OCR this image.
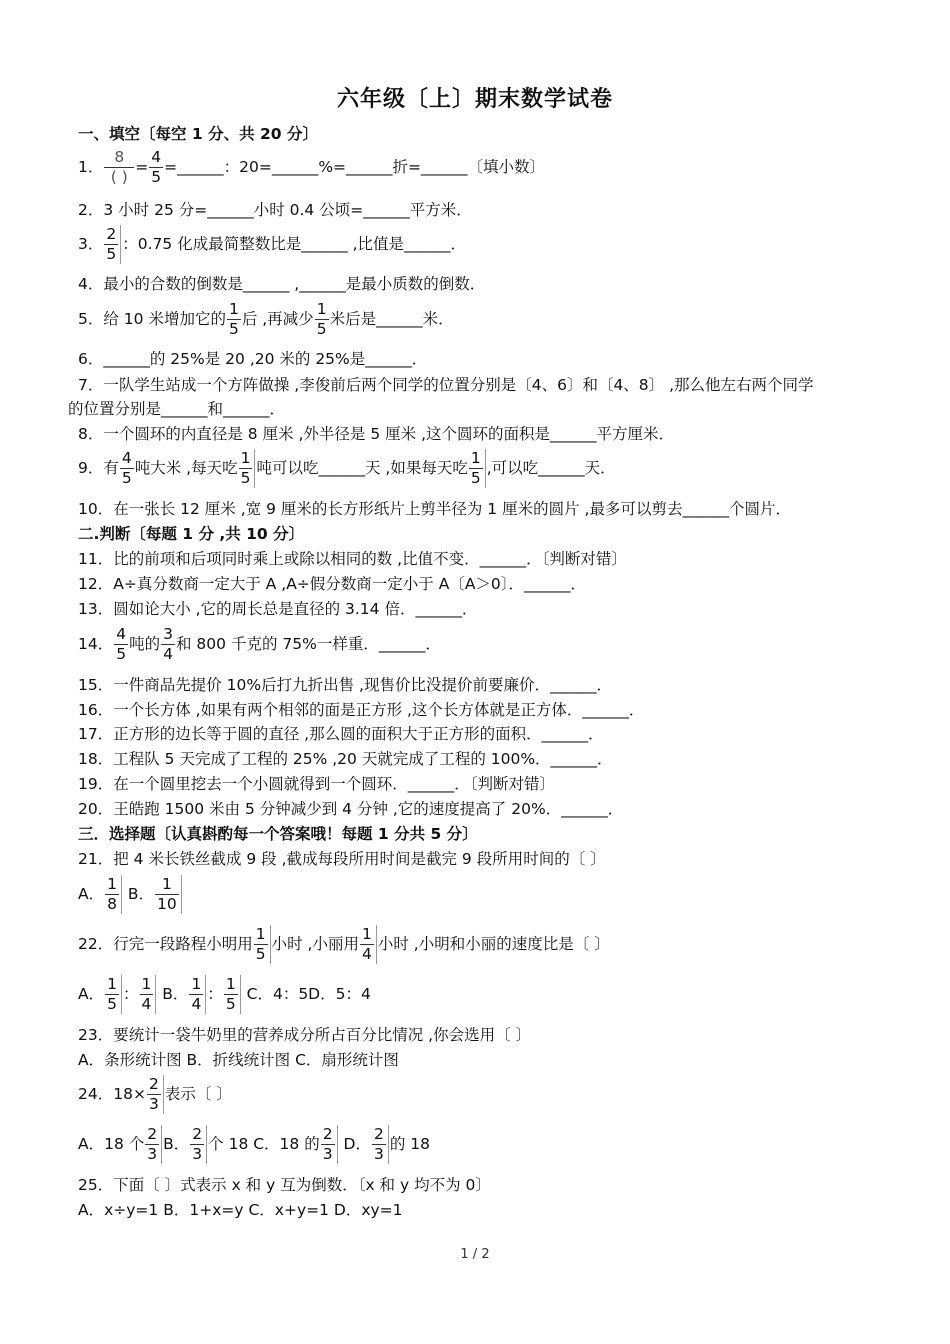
六年级〔上〕期末数学试卷
一、填空〔每空 1 分、共 20 分〕
1． $\frac{8}{( )} = \frac{4}{5}$ =______：20=______%=______折=______〔填小数〕
2．3 小时 25 分=______小时 0.4 公顷=______平方米．
3． $\frac{2}{5}$ ：0.75 化成最简整数比是______ ,比值是______．
4．最小的合数的倒数是______ ,______是最小质数的倒数．
5．给 10 米增加它的 $\frac{1}{5}$ 后 ,再减少 $\frac{1}{5}$ 米后是______米．
6．______的 25%是 20 ,20 米的 25%是______．
7．一队学生站成一个方阵做操 ,李俊前后两个同学的位置分别是〔4、6〕和〔4、8〕 ,那么他左右两个同学
的位置分别是______和______．
8．一个圆环的内直径是 8 厘米 ,外半径是 5 厘米 ,这个圆环的面积是______平方厘米．
9．有 $\frac{4}{5}$ 吨大米 ,每天吃 $\frac{1}{5}$ 吨可以吃______天 ,如果每天吃 $\frac{1}{5}$ ,可以吃______天．
10．在一张长 12 厘米 ,宽 9 厘米的长方形纸片上剪半径为 1 厘米的圆片 ,最多可以剪去______个圆片．
二.判断〔每题 1 分 ,共 10 分〕
11．比的前项和后项同时乘上或除以相同的数 ,比值不变．______．〔判断对错〕
12．A÷真分数商一定大于 A ,A÷假分数商一定小于 A〔A＞0〕．______．
13．圆如论大小 ,它的周长总是直径的 3.14 倍．______．
14． $\frac{4}{5}$ 吨的 $\frac{3}{4}$ 和 800 千克的 75%一样重．______．
15．一件商品先提价 10%后打九折出售 ,现售价比没提价前要廉价．______．
16．一个长方体 ,如果有两个相邻的面是正方形 ,这个长方体就是正方体．______．
17．正方形的边长等于圆的直径 ,那么圆的面积大于正方形的面积．______．
18．工程队 5 天完成了工程的 25% ,20 天就完成了工程的 100%．______．
19．在一个圆里挖去一个小圆就得到一个圆环．______．〔判断对错〕
20．王皓跑 1500 米由 5 分钟减少到 4 分钟 ,它的速度提高了 20%．______．
三．选择题〔认真斟酌每一个答案哦！每题 1 分共 5 分〕
21．把 4 米长铁丝截成 9 段 ,截成每段所用时间是截完 9 段所用时间的〔 〕
A． $\frac{1}{8}$ B． $\frac{1}{10}$
22．行完一段路程小明用 $\frac{1}{5}$ 小时 ,小丽用 $\frac{1}{4}$ 小时 ,小明和小丽的速度比是〔 〕
A． $\frac{1}{5}$ ： $\frac{1}{4}$ B． $\frac{1}{4}$ ： $\frac{1}{5}$ C．4：5D．5：4
23．要统计一袋牛奶里的营养成分所占百分比情况 ,你会选用〔 〕
A．条形统计图 B．折线统计图 C．扇形统计图
24．$18\times \frac{2}{3}$ 表示〔 〕
A．18 个 $\frac{2}{3}$ B． $\frac{2}{3}$ 个 18 C．18 的 $\frac{2}{3}$ D． $\frac{2}{3}$ 的 18
25．下面〔 〕式表示 x 和 y 互为倒数．〔x 和 y 均不为 0〕
A．x÷y=1 B．1+x=y C．x+y=1 D．xy=1
1 / 2
